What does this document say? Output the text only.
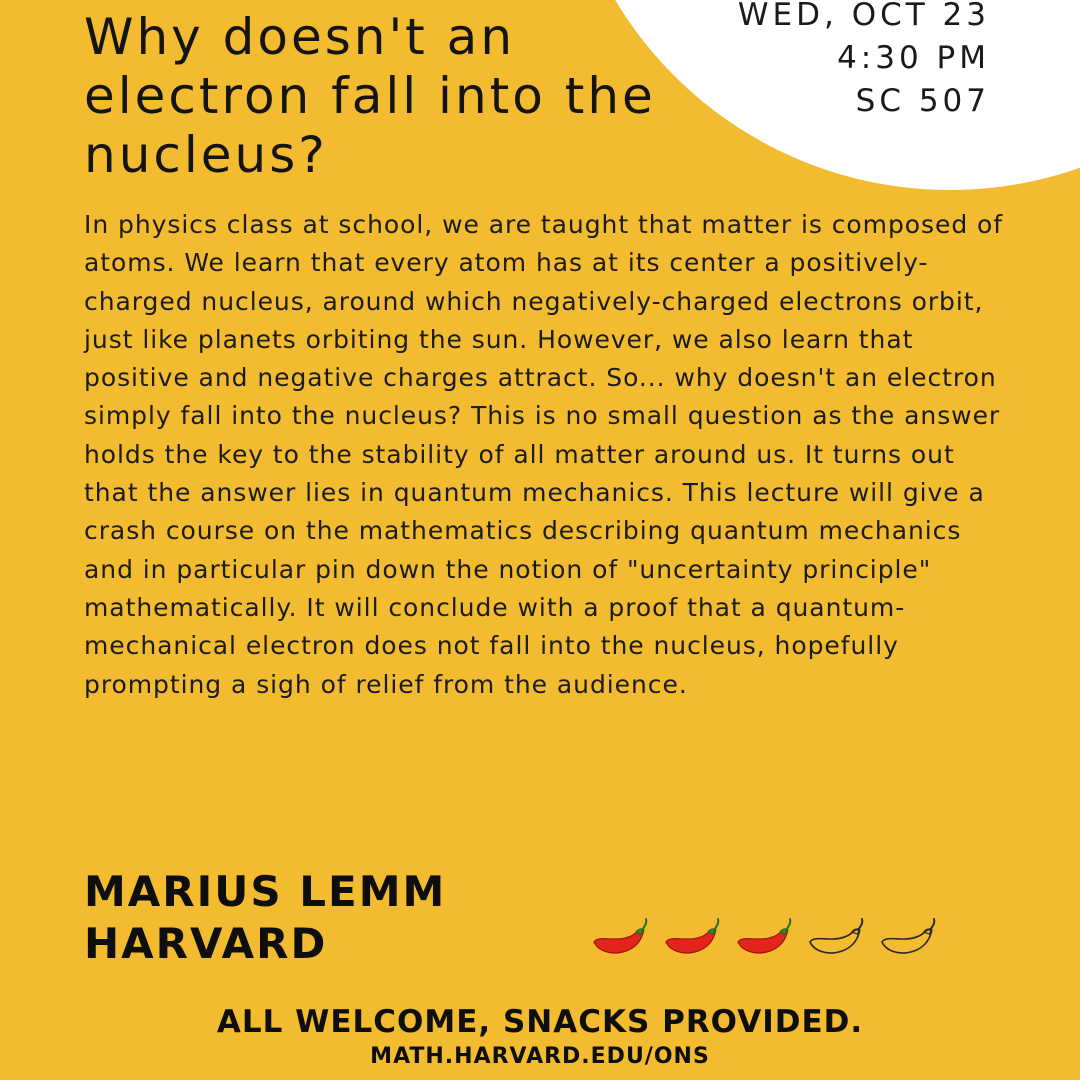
WED, OCT 23
4:30 PM
SC 507
Why doesn't an electron fall into the nucleus?

In physics class at school, we are taught that matter is composed of atoms. We learn that every atom has at its center a positively-charged nucleus, around which negatively-charged electrons orbit, just like planets orbiting the sun. However, we also learn that positive and negative charges attract. So... why doesn't an electron simply fall into the nucleus? This is no small question as the answer holds the key to the stability of all matter around us. It turns out that the answer lies in quantum mechanics. This lecture will give a crash course on the mathematics describing quantum mechanics and in particular pin down the notion of "uncertainty principle" mathematically. It will conclude with a proof that a quantum-mechanical electron does not fall into the nucleus, hopefully prompting a sigh of relief from the audience.

MARIUS LEMM
HARVARD
ALL WELCOME, SNACKS PROVIDED.
MATH.HARVARD.EDU/ONS
